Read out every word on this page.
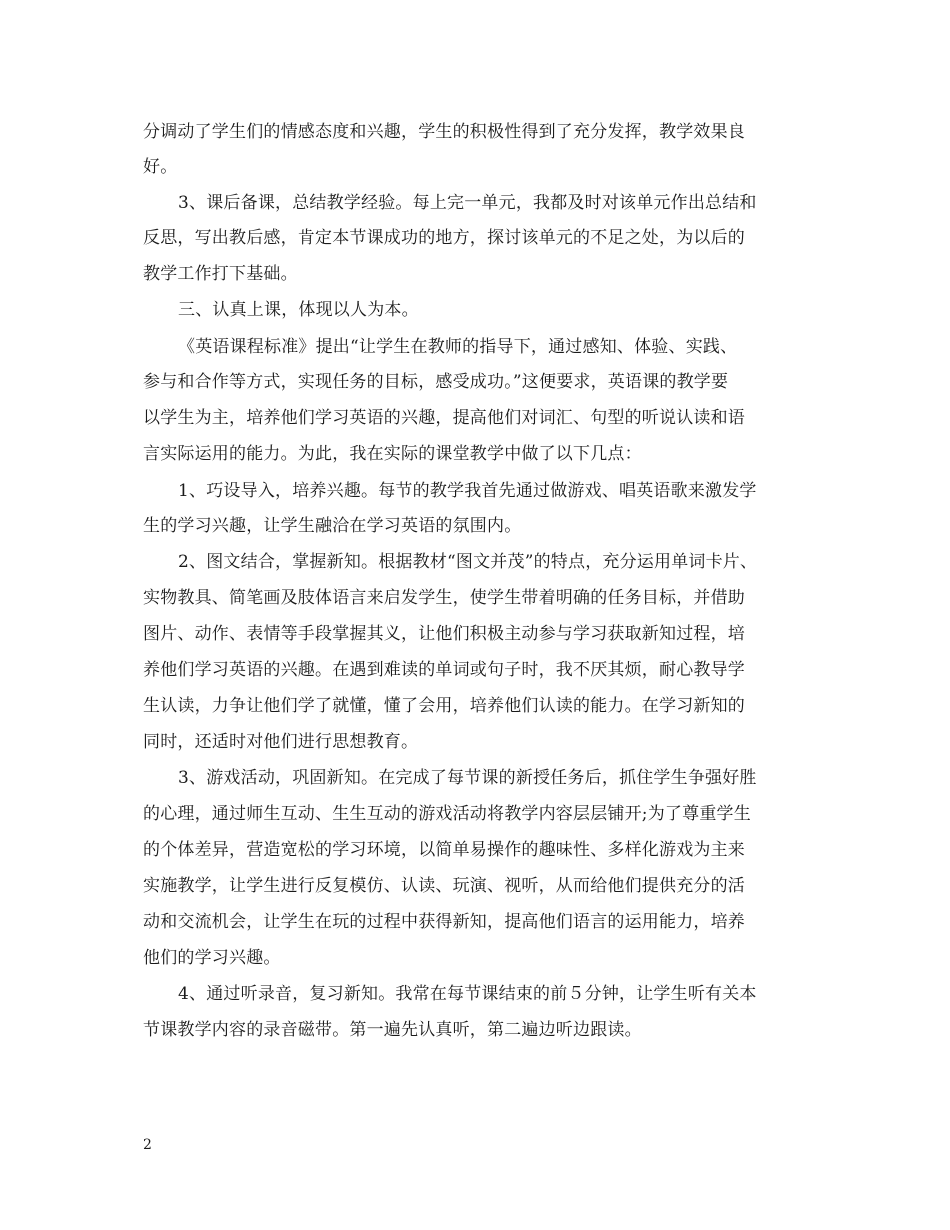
分调动了学生们的情感态度和兴趣，学生的积极性得到了充分发挥，教学效果良
好。
3、课后备课，总结教学经验。每上完一单元，我都及时对该单元作出总结和
反思，写出教后感，肯定本节课成功的地方，探讨该单元的不足之处，为以后的
教学工作打下基础。
三、认真上课，体现以人为本。
《英语课程标准》提出“让学生在教师的指导下，通过感知、体验、实践、
参与和合作等方式，实现任务的目标，感受成功。”这便要求，英语课的教学要
以学生为主，培养他们学习英语的兴趣，提高他们对词汇、句型的听说认读和语
言实际运用的能力。为此，我在实际的课堂教学中做了以下几点：
1、巧设导入，培养兴趣。每节的教学我首先通过做游戏、唱英语歌来激发学
生的学习兴趣，让学生融洽在学习英语的氛围内。
2、图文结合，掌握新知。根据教材“图文并茂”的特点，充分运用单词卡片、
实物教具、简笔画及肢体语言来启发学生，使学生带着明确的任务目标，并借助
图片、动作、表情等手段掌握其义，让他们积极主动参与学习获取新知过程，培
养他们学习英语的兴趣。在遇到难读的单词或句子时，我不厌其烦，耐心教导学
生认读，力争让他们学了就懂，懂了会用，培养他们认读的能力。在学习新知的
同时，还适时对他们进行思想教育。
3、游戏活动，巩固新知。在完成了每节课的新授任务后，抓住学生争强好胜
的心理，通过师生互动、生生互动的游戏活动将教学内容层层铺开;为了尊重学生
的个体差异，营造宽松的学习环境，以简单易操作的趣味性、多样化游戏为主来
实施教学，让学生进行反复模仿、认读、玩演、视听，从而给他们提供充分的活
动和交流机会，让学生在玩的过程中获得新知，提高他们语言的运用能力，培养
他们的学习兴趣。
4、通过听录音，复习新知。我常在每节课结束的前５分钟，让学生听有关本
节课教学内容的录音磁带。第一遍先认真听，第二遍边听边跟读。
2
